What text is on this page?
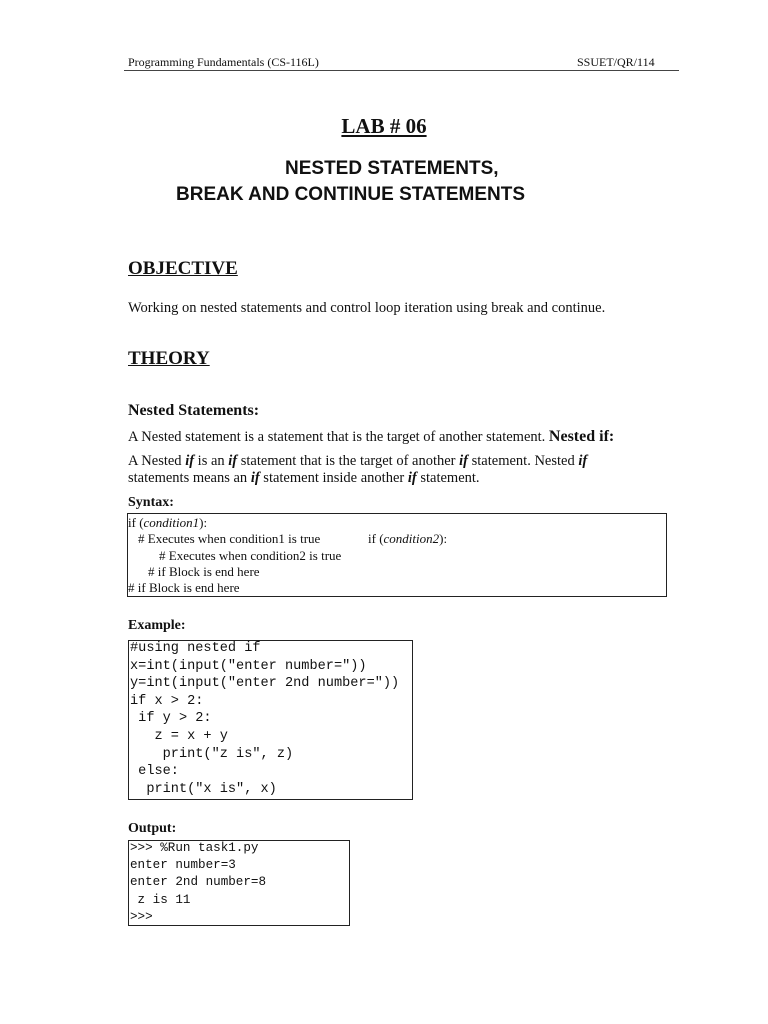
Programming Fundamentals (CS-116L)	SSUET/QR/114
LAB # 06
NESTED STATEMENTS,
BREAK AND CONTINUE STATEMENTS
OBJECTIVE
Working on nested statements and control loop iteration using break and continue.
THEORY
Nested Statements:
A Nested statement is a statement that is the target of another statement. Nested if:
A Nested if is an if statement that is the target of another if statement. Nested if
statements means an if statement inside another if statement.
Syntax:
if (condition2):
if (condition1):
# Executes when condition1 is true
# Executes when condition2 is true
# if Block is end here
# if Block is end here
Example:
#using nested if
x=int(input("enter number="))
y=int(input("enter 2nd number="))
if x > 2:
if y > 2:
z = x + y
print("z is", z)
else:
print("x is", x)
Output:
>>> %Run task1.py
enter number=3
enter 2nd number=8
z is 11
>>>
